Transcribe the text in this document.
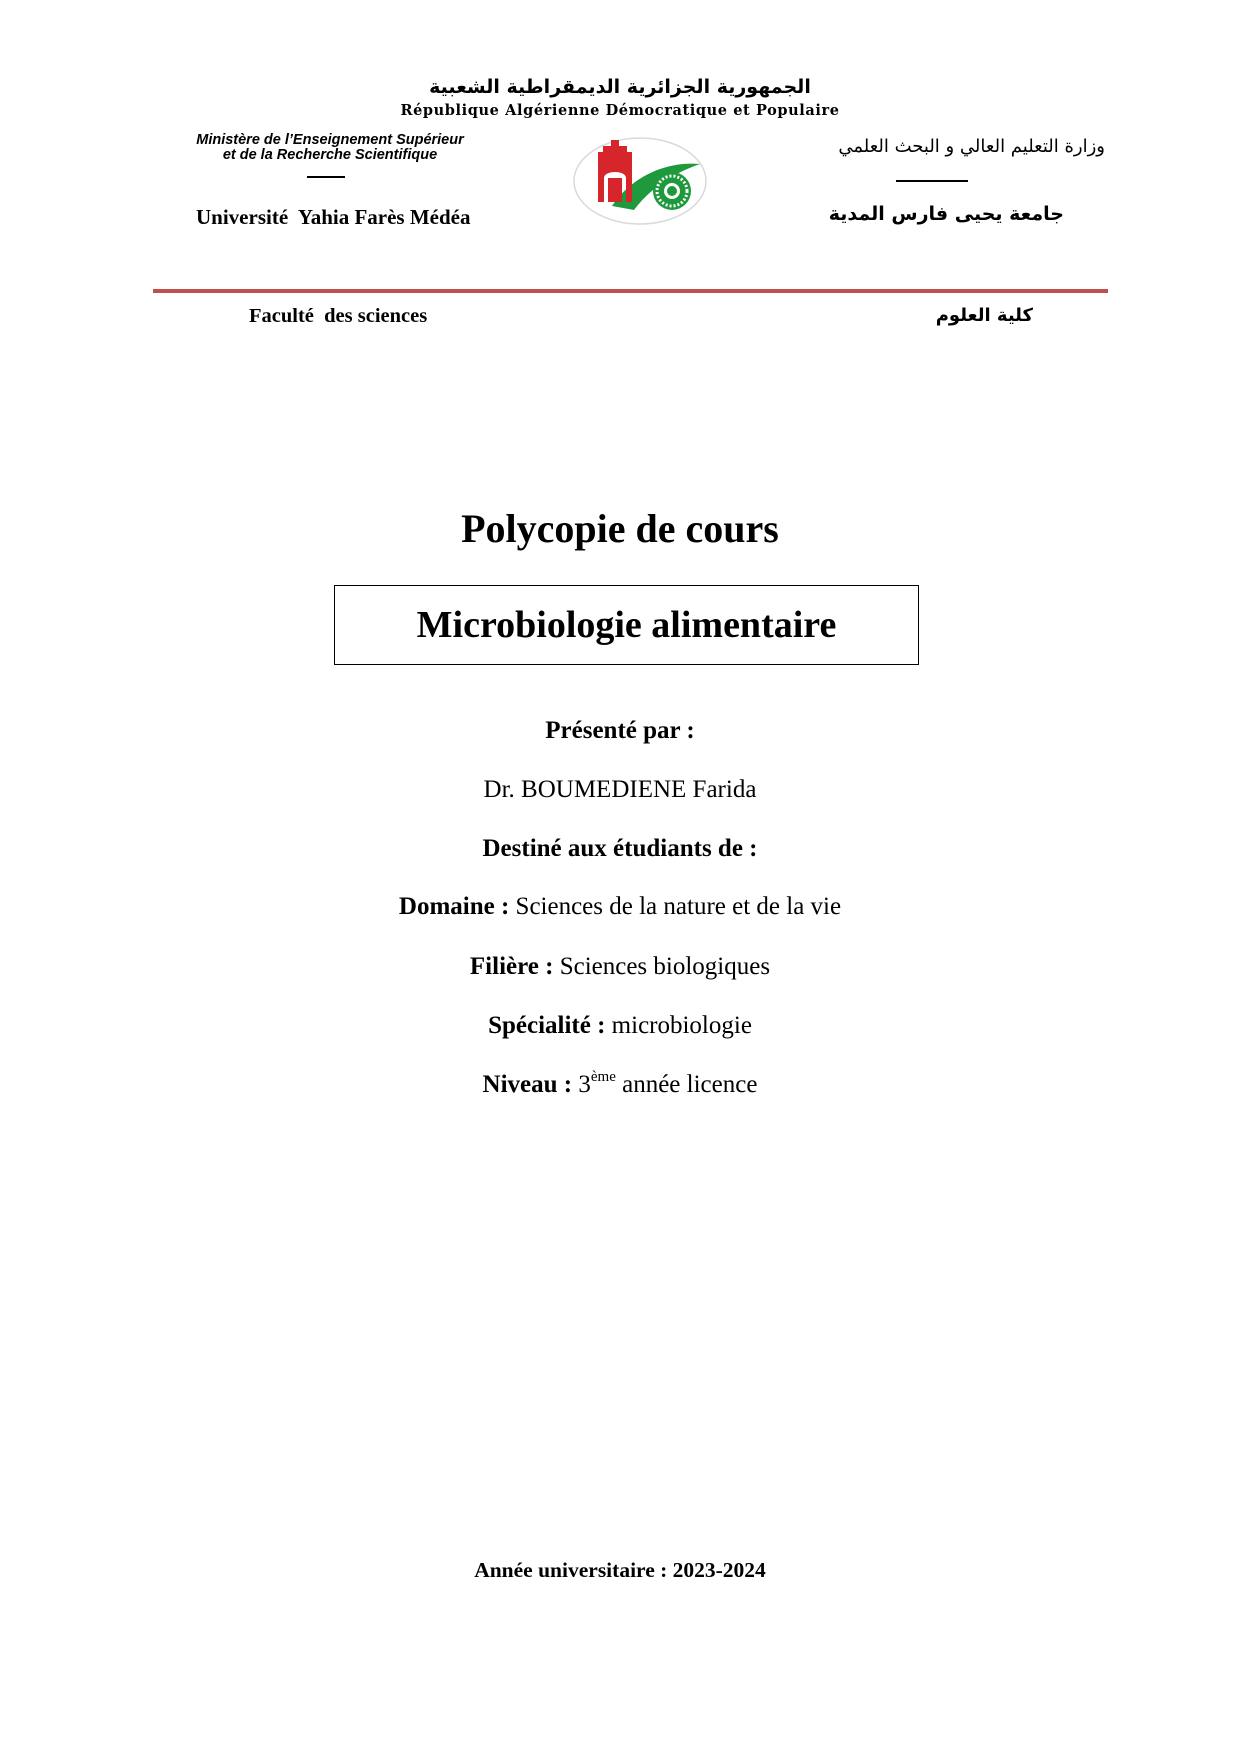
الجمهورية الجزائرية الديمقراطية الشعبية
République Algérienne Démocratique et Populaire
Ministère de l’Enseignement Supérieur
et de la Recherche Scientifique	وزارة التعليم العالي و البحث العلمي
Université  Yahia Farès Médéa	جامعة يحيى فارس المدية
Faculté  des sciences	كلية العلوم
Polycopie de cours
Microbiologie alimentaire
Présenté par :
Dr. BOUMEDIENE Farida
Destiné aux étudiants de :
Domaine : Sciences de la nature et de la vie
Filière : Sciences biologiques
Spécialité : microbiologie
Niveau : 3ème année licence
Année universitaire : 2023-2024
